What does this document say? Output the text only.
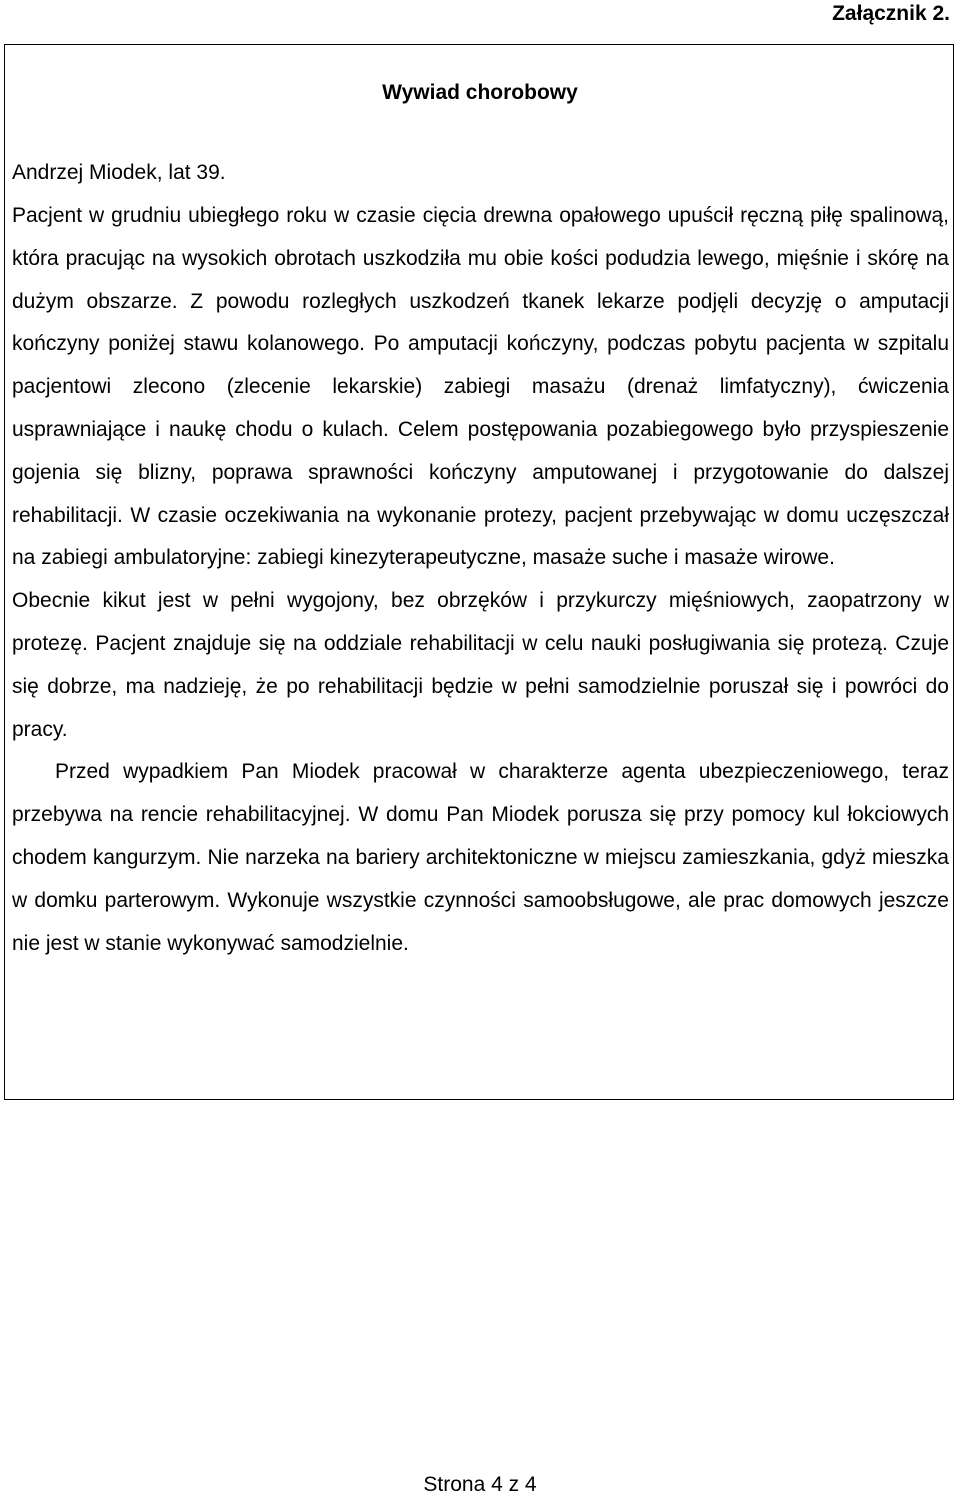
Załącznik 2.
Wywiad chorobowy
Andrzej Miodek, lat 39.

Pacjent w grudniu ubiegłego roku w czasie cięcia drewna opałowego upuścił ręczną piłę spalinową, która pracując na wysokich obrotach uszkodziła mu obie kości podudzia lewego, mięśnie i skórę na dużym obszarze. Z powodu rozległych uszkodzeń tkanek lekarze podjęli decyzję o amputacji kończyny poniżej stawu kolanowego. Po amputacji kończyny, podczas pobytu pacjenta w szpitalu pacjentowi zlecono (zlecenie lekarskie) zabiegi masażu (drenaż limfatyczny), ćwiczenia usprawniające i naukę chodu o kulach. Celem postępowania pozabiegowego było przyspieszenie gojenia się blizny, poprawa sprawności kończyny amputowanej i przygotowanie do dalszej rehabilitacji. W czasie oczekiwania na wykonanie protezy, pacjent przebywając w domu uczęszczał na zabiegi ambulatoryjne: zabiegi kinezyterapeutyczne, masaże suche i masaże wirowe.

Obecnie kikut jest w pełni wygojony, bez obrzęków i przykurczy mięśniowych, zaopatrzony w protezę. Pacjent znajduje się na oddziale rehabilitacji w celu nauki posługiwania się protezą. Czuje się dobrze, ma nadzieję, że po rehabilitacji będzie w pełni samodzielnie poruszał się i powróci do pracy.

Przed wypadkiem Pan Miodek pracował w charakterze agenta ubezpieczeniowego, teraz przebywa na rencie rehabilitacyjnej. W domu Pan Miodek porusza się przy pomocy kul łokciowych chodem kangurzym. Nie narzeka na bariery architektoniczne w miejscu zamieszkania, gdyż mieszka w domku parterowym. Wykonuje wszystkie czynności samoobsługowe, ale prac domowych jeszcze nie jest w stanie wykonywać samodzielnie.

Strona 4 z 4
